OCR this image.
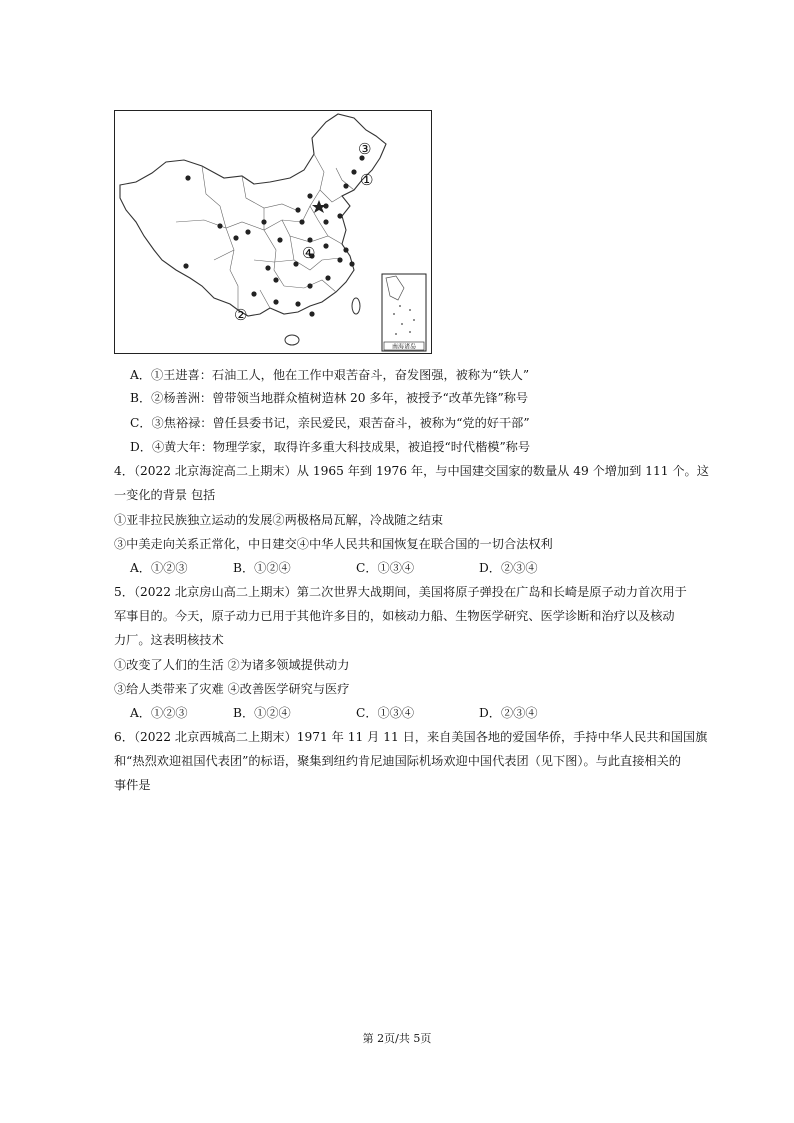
③
①
④
②
南海诸岛
A．①王进喜：石油工人，他在工作中艰苦奋斗，奋发图强，被称为“铁人”
B．②杨善洲：曾带领当地群众植树造林 20 多年，被授予“改革先锋”称号
C．③焦裕禄：曾任县委书记，亲民爱民，艰苦奋斗，被称为“党的好干部”
D．④黄大年：物理学家，取得许多重大科技成果，被追授“时代楷模”称号
4．（2022 北京海淀高二上期末）从 1965 年到 1976 年，与中国建交国家的数量从 49 个增加到 111 个。这
一变化的背景 包括
①亚非拉民族独立运动的发展②两极格局瓦解，冷战随之结束
③中美走向关系正常化，中日建交④中华人民共和国恢复在联合国的一切合法权利
A．①②③	B．①②④	C．①③④	D．②③④
5．（2022 北京房山高二上期末）第二次世界大战期间，美国将原子弹投在广岛和长崎是原子动力首次用于
军事目的。今天，原子动力已用于其他许多目的，如核动力船、生物医学研究、医学诊断和治疗以及核动
力厂。这表明核技术
①改变了人们的生活 ②为诸多领域提供动力
③给人类带来了灾难 ④改善医学研究与医疗
A．①②③	B．①②④	C．①③④	D．②③④
6．（2022 北京西城高二上期末）1971 年 11 月 11 日，来自美国各地的爱国华侨，手持中华人民共和国国旗
和“热烈欢迎祖国代表团”的标语，聚集到纽约肯尼迪国际机场欢迎中国代表团（见下图）。与此直接相关的
事件是
第 2页/共 5页
